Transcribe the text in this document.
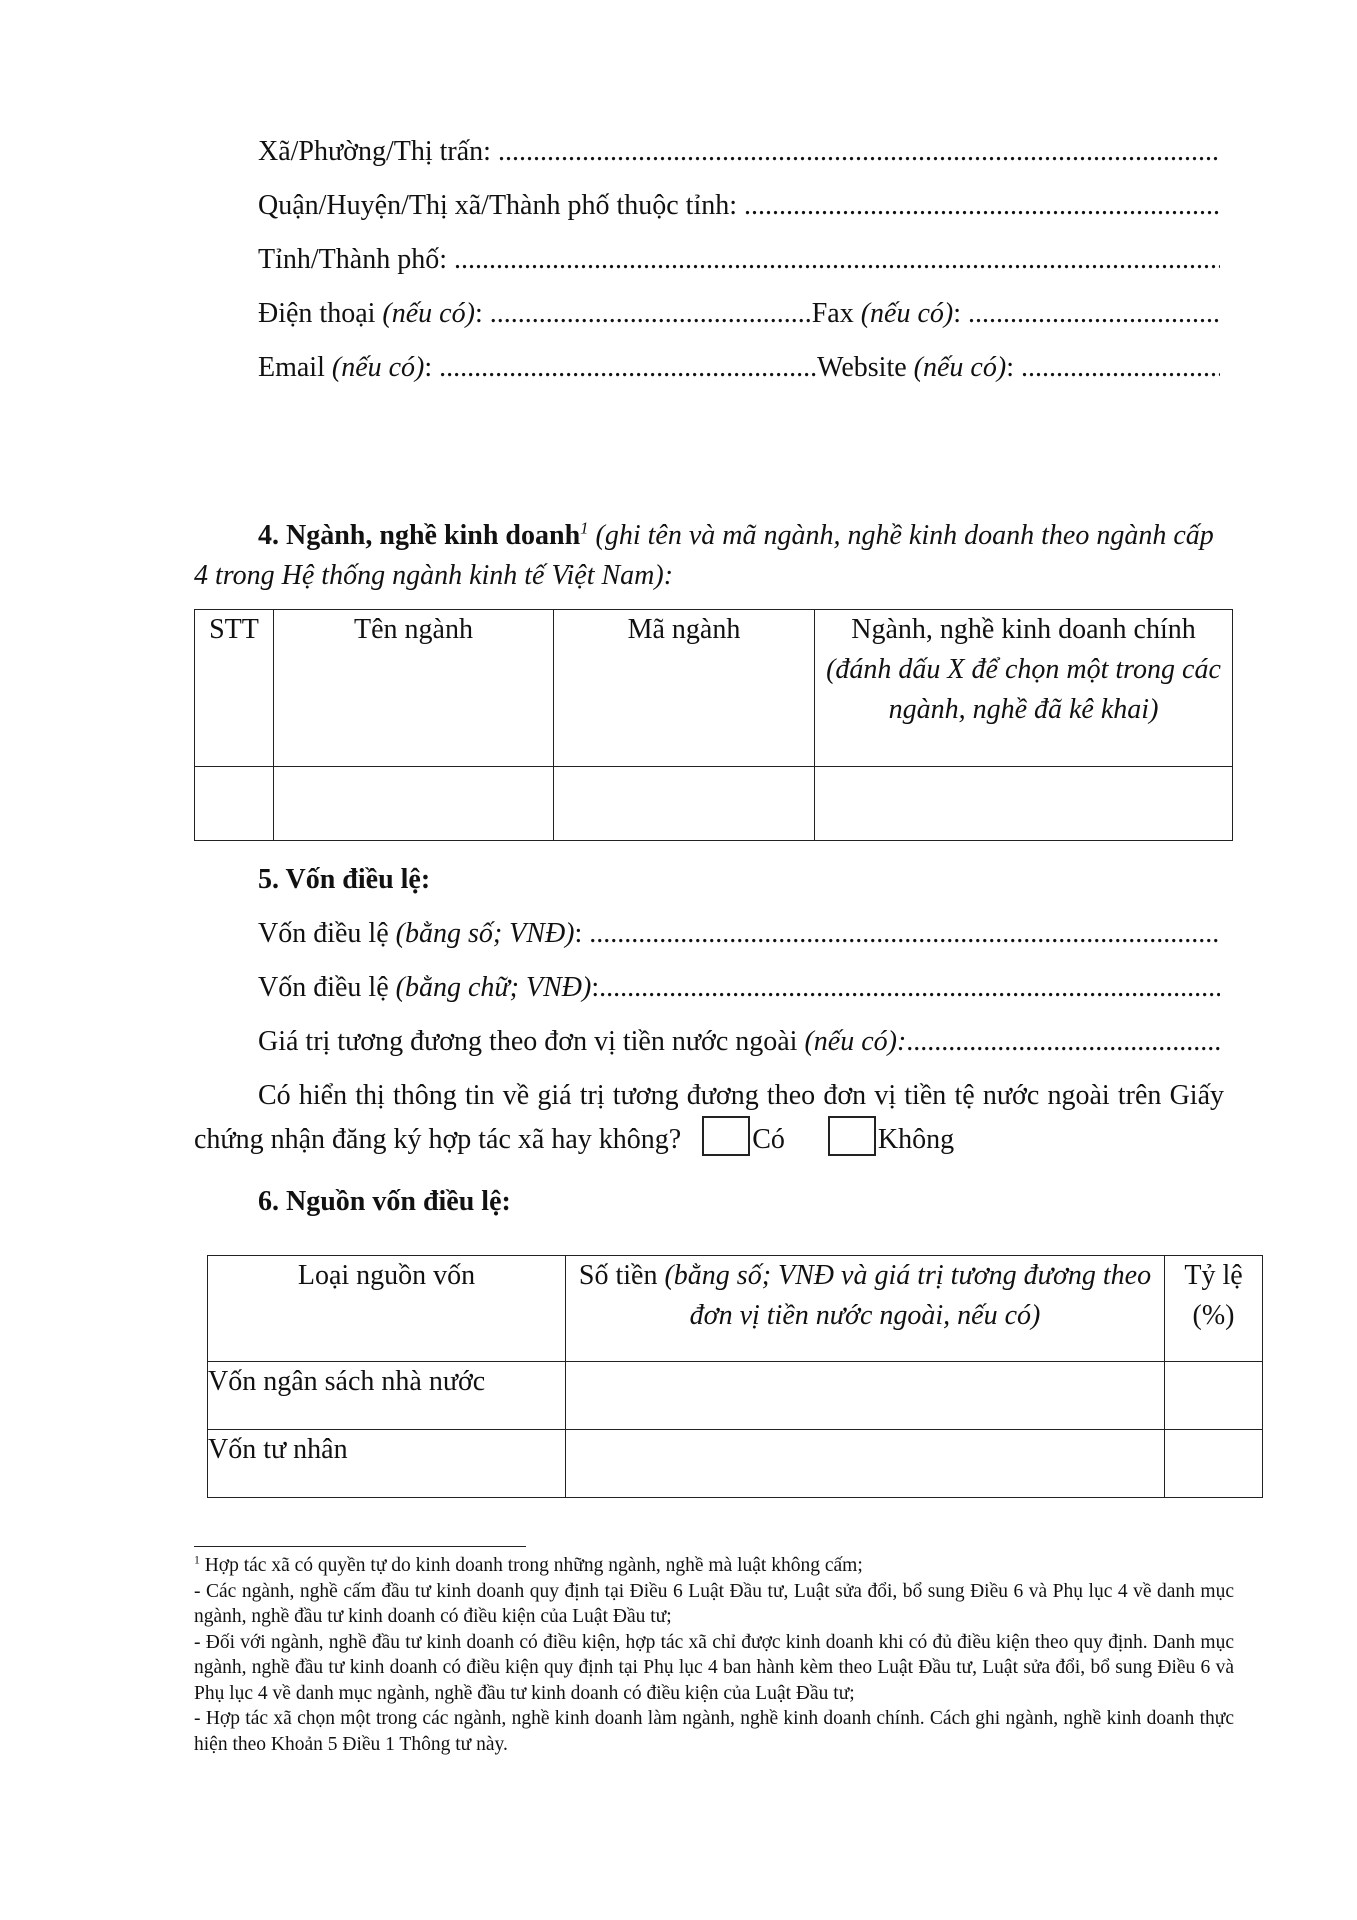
Xã/Phường/Thị trấn:

.....
Quận/Huyện/Thị xã/Thành phố thuộc tỉnh:

.....
Tỉnh/Thành phố:

.....
Điện thoại
(nếu có) :
.....	Fax
(nếu có) :

.....
Email
(nếu có) :
.....	Website
(nếu có) :

.....
4. Ngành, nghề kinh doanh$^1$ (ghi tên và mã ngành, nghề kinh doanh theo ngành cấp 4 trong Hệ thống ngành kinh tế Việt Nam):
STT	Tên ngành	Mã ngành	Ngành, nghề kinh doanh chính
(đánh dấu X để chọn một trong các ngành, nghề đã kê khai)

5. Vốn điều lệ:
Vốn điều lệ
(bằng số; VNĐ) :

.....
Vốn điều lệ
(bằng chữ; VNĐ) :
.....
Giá trị tương đương theo đơn vị tiền nước ngoài
(nếu có):
.....
Có hiển thị thông tin về giá trị tương đương theo đơn vị tiền tệ nước ngoài trên Giấy chứng nhận đăng ký hợp tác xã hay không?	Có	Không
6. Nguồn vốn điều lệ:
Loại nguồn vốn	Số tiền (bằng số; VNĐ và giá trị tương đương theo đơn vị tiền nước ngoài, nếu có)	Tỷ lệ (%)
Vốn ngân sách nhà nước		
Vốn tư nhân		

$^1$ Hợp tác xã có quyền tự do kinh doanh trong những ngành, nghề mà luật không cấm;

- Các ngành, nghề cấm đầu tư kinh doanh quy định tại Điều 6 Luật Đầu tư, Luật sửa đổi, bổ sung Điều 6 và Phụ lục 4 về danh mục ngành, nghề đầu tư kinh doanh có điều kiện của Luật Đầu tư;

- Đối với ngành, nghề đầu tư kinh doanh có điều kiện, hợp tác xã chỉ được kinh doanh khi có đủ điều kiện theo quy định. Danh mục ngành, nghề đầu tư kinh doanh có điều kiện quy định tại Phụ lục 4 ban hành kèm theo Luật Đầu tư, Luật sửa đổi, bổ sung Điều 6 và Phụ lục 4 về danh mục ngành, nghề đầu tư kinh doanh có điều kiện của Luật Đầu tư;

- Hợp tác xã chọn một trong các ngành, nghề kinh doanh làm ngành, nghề kinh doanh chính. Cách ghi ngành, nghề kinh doanh thực hiện theo Khoản 5 Điều 1 Thông tư này.
